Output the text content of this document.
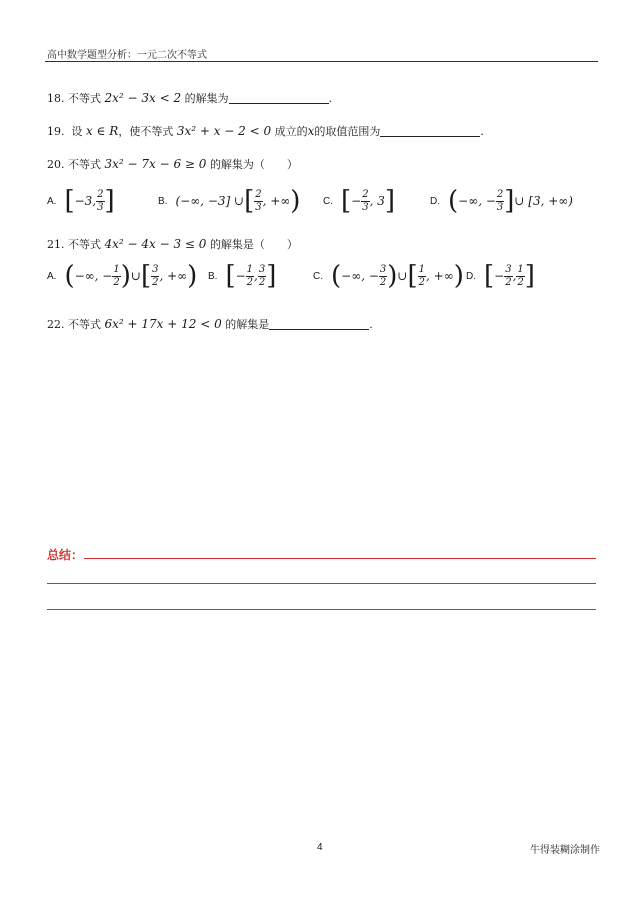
高中数学题型分析：一元二次不等式
18. 不等式 2x² − 3x < 2 的解集为	.
19. 设 x ∈ R，使不等式 3x² + x − 2 < 0 成立的x的取值范围为	.
20. 不等式 3x² − 7x − 6 ≥ 0 的解集为（　　）
A. [−3, $\frac{2}{3}$ ]	B. (−∞, −3] ∪[ $\frac{2}{3}$ , +∞) C. [− $\frac{2}{3}$ , 3]	D. (−∞, − $\frac{2}{3}$ ]∪ [3, +∞)
21. 不等式 4x² − 4x − 3 ≤ 0 的解集是（　　）
A. (−∞, − $\frac{1}{2}$ )∪[ $\frac{3}{2}$ , +∞) B. [− $\frac{1}{2}$ , $\frac{3}{2}$ ]	C. (−∞, − $\frac{3}{2}$ )∪[ $\frac{1}{2}$ , +∞) D. [− $\frac{3}{2}$ , $\frac{1}{2}$ ]
22. 不等式 6x² + 17x + 12 < 0 的解集是	.
总结：
4	牛得装糊涂制作
